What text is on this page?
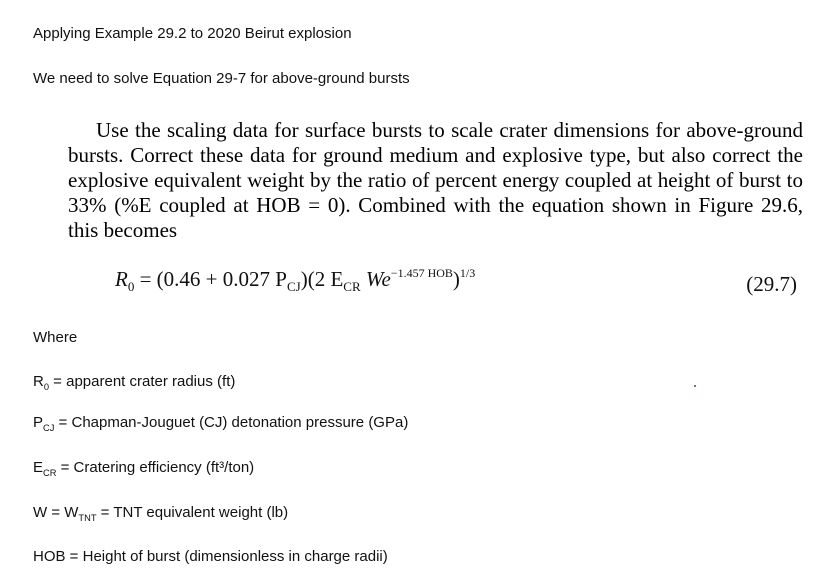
Applying Example 29.2 to 2020 Beirut explosion
We need to solve Equation 29-7 for above-ground bursts

Use the scaling data for surface bursts to scale crater dimensions for above-ground bursts. Correct these data for ground medium and explosive type, but also correct the explosive equivalent weight by the ratio of percent energy coupled at height of burst to 33% (%E coupled at HOB = 0). Combined with the equation shown in Figure 29.6, this becomes

$R_0 = (0.46 + 0.027$ $P_{CJ})(2$ $E_{CR}$ $We^{-1.457 HOB})^{1/3}$	(29.7)
Where
$R_0$ = apparent crater radius (ft)
$P_{CJ}$ = Chapman-Jouguet (CJ) detonation pressure (GPa)
$E_{CR}$ = Cratering efficiency (ft³/ton)
$W = W_{TNT}$ = TNT equivalent weight (lb)
HOB = Height of burst (dimensionless in charge radii)
